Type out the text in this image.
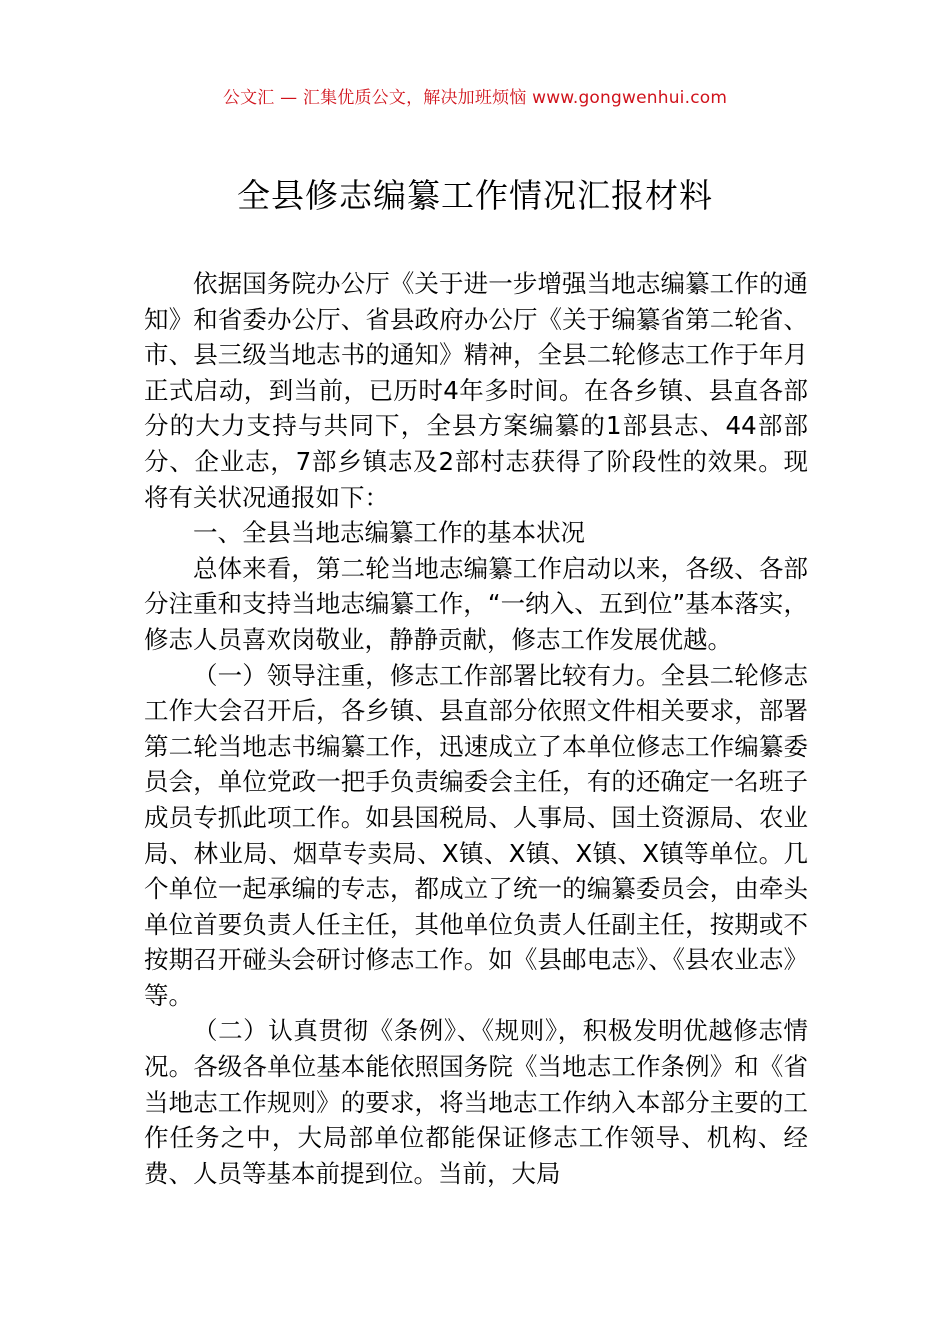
公文汇 — 汇集优质公文，解决加班烦恼 www.gongwenhui.com
全县修志编纂工作情况汇报材料

依据国务院办公厅《关于进一步增强当地志编纂工作的通知》和省委办公厅、省县政府办公厅《关于编纂省第二轮省、市、县三级当地志书的通知》精神，全县二轮修志工作于年月正式启动，到当前，已历时4年多时间。在各乡镇、县直各部分的大力支持与共同下，全县方案编纂的1部县志、44部部分、企业志，7部乡镇志及2部村志获得了阶段性的效果。现将有关状况通报如下：

一、全县当地志编纂工作的基本状况

总体来看，第二轮当地志编纂工作启动以来，各级、各部分注重和支持当地志编纂工作，“一纳入、五到位”基本落实，修志人员喜欢岗敬业，静静贡献，修志工作发展优越。

（一）领导注重，修志工作部署比较有力。全县二轮修志工作大会召开后，各乡镇、县直部分依照文件相关要求，部署第二轮当地志书编纂工作，迅速成立了本单位修志工作编纂委员会，单位党政一把手负责编委会主任，有的还确定一名班子成员专抓此项工作。如县国税局、人事局、国土资源局、农业局、林业局、烟草专卖局、X镇、X镇、X镇、X镇等单位。几个单位一起承编的专志，都成立了统一的编纂委员会，由牵头单位首要负责人任主任，其他单位负责人任副主任，按期或不按期召开碰头会研讨修志工作。如《县邮电志》、《县农业志》等。

（二）认真贯彻《条例》、《规则》，积极发明优越修志情况。各级各单位基本能依照国务院《当地志工作条例》和《省当地志工作规则》的要求，将当地志工作纳入本部分主要的工作任务之中，大局部单位都能保证修志工作领导、机构、经费、人员等基本前提到位。当前，大局
